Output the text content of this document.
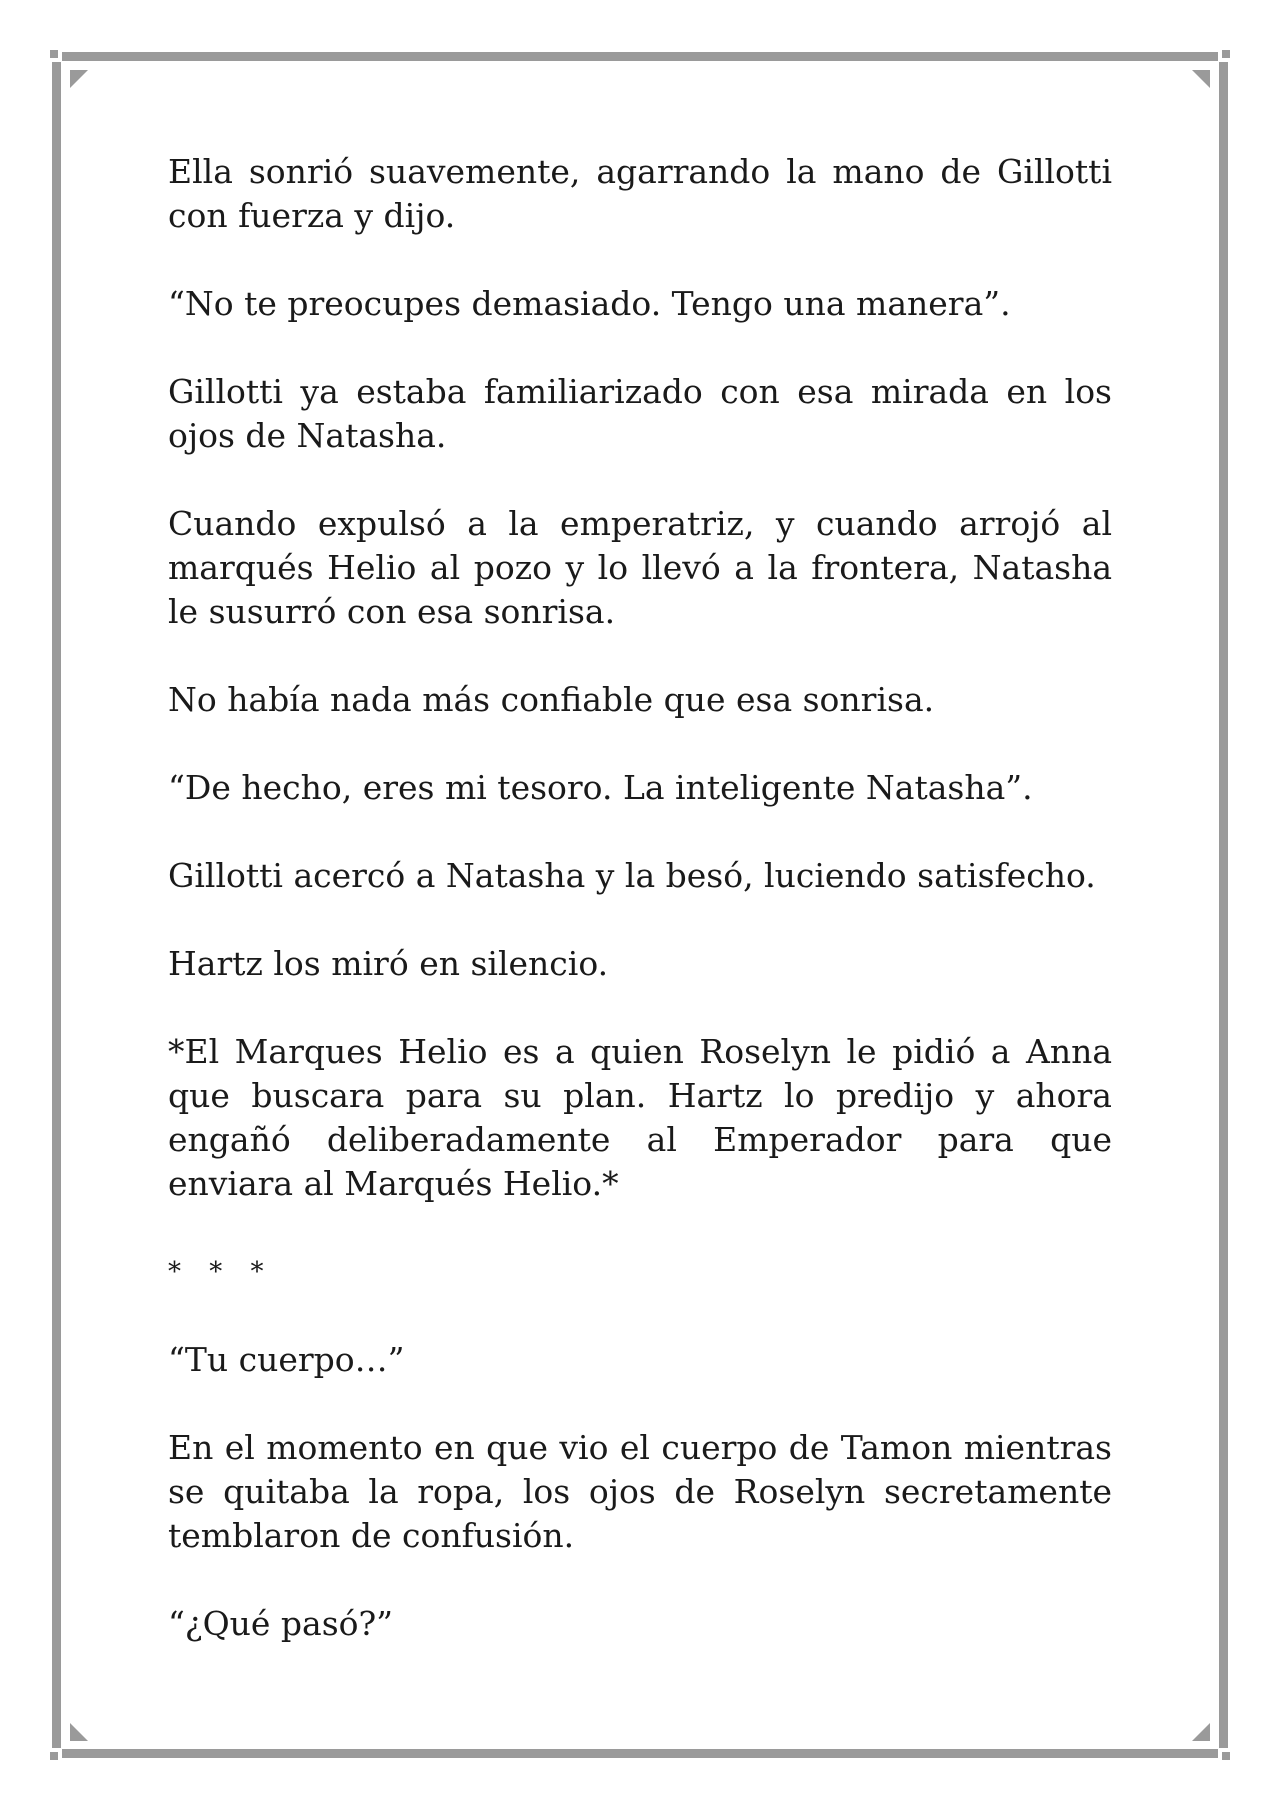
Ella sonrió suavemente, agarrando la mano de Gillotti con fuerza y dijo.

“No te preocupes demasiado. Tengo una manera”.

Gillotti ya estaba familiarizado con esa mirada en los ojos de Natasha.

Cuando expulsó a la emperatriz, y cuando arrojó al marqués Helio al pozo y lo llevó a la frontera, Natasha le susurró con esa sonrisa.

No había nada más confiable que esa sonrisa.

“De hecho, eres mi tesoro. La inteligente Natasha”.

Gillotti acercó a Natasha y la besó, luciendo satisfecho.

Hartz los miró en silencio.

*El Marques Helio es a quien Roselyn le pidió a Anna que buscara para su plan. Hartz lo predijo y ahora engañó deliberadamente al Emperador para que enviara al Marqués Helio.*

* * *

“Tu cuerpo…”

En el momento en que vio el cuerpo de Tamon mientras se quitaba la ropa, los ojos de Roselyn secretamente temblaron de confusión.

“¿Qué pasó?”
